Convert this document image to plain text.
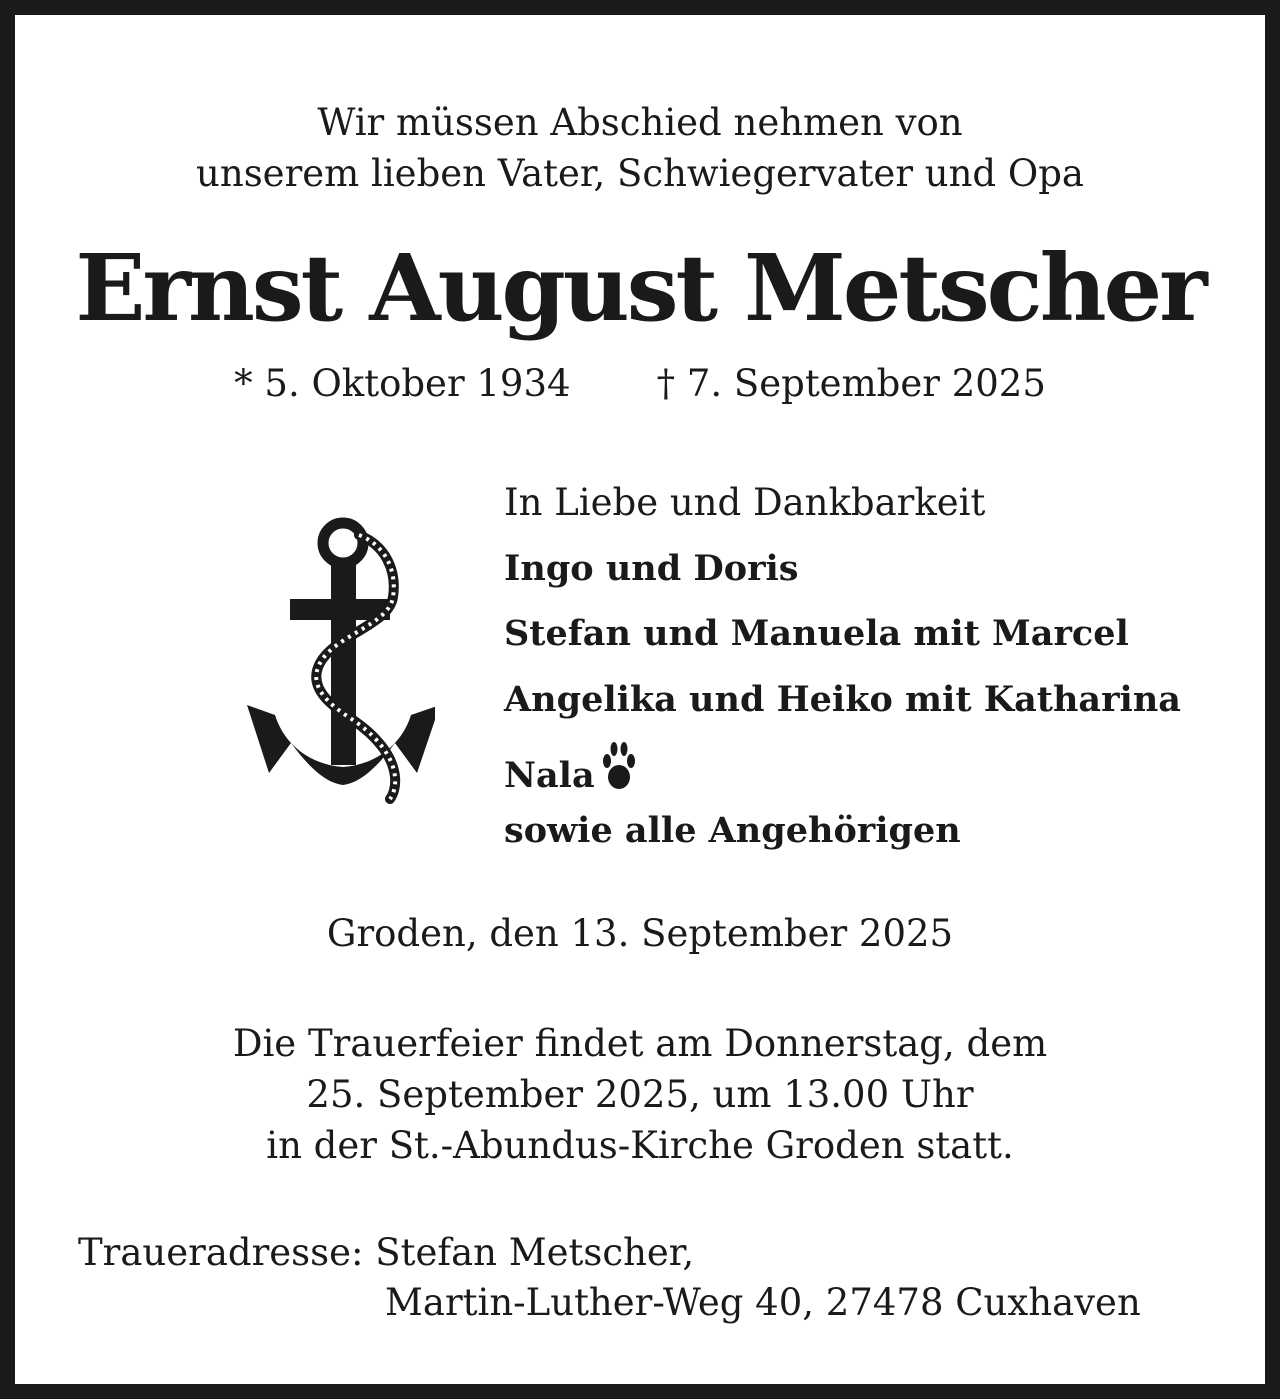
Wir müssen Abschied nehmen von
unserem lieben Vater, Schwiegervater und Opa
Ernst August Metscher
* 5. Oktober 1934 † 7. September 2025
In Liebe und Dankbarkeit
Ingo und Doris
Stefan und Manuela mit Marcel
Angelika und Heiko mit Katharina
Nala
sowie alle Angehörigen
Groden, den 13. September 2025
Die Trauerfeier findet am Donnerstag, dem
25. September 2025, um 13.00 Uhr
in der St.-Abundus-Kirche Groden statt.
Traueradresse: Stefan Metscher,
Martin-Luther-Weg 40, 27478 Cuxhaven
